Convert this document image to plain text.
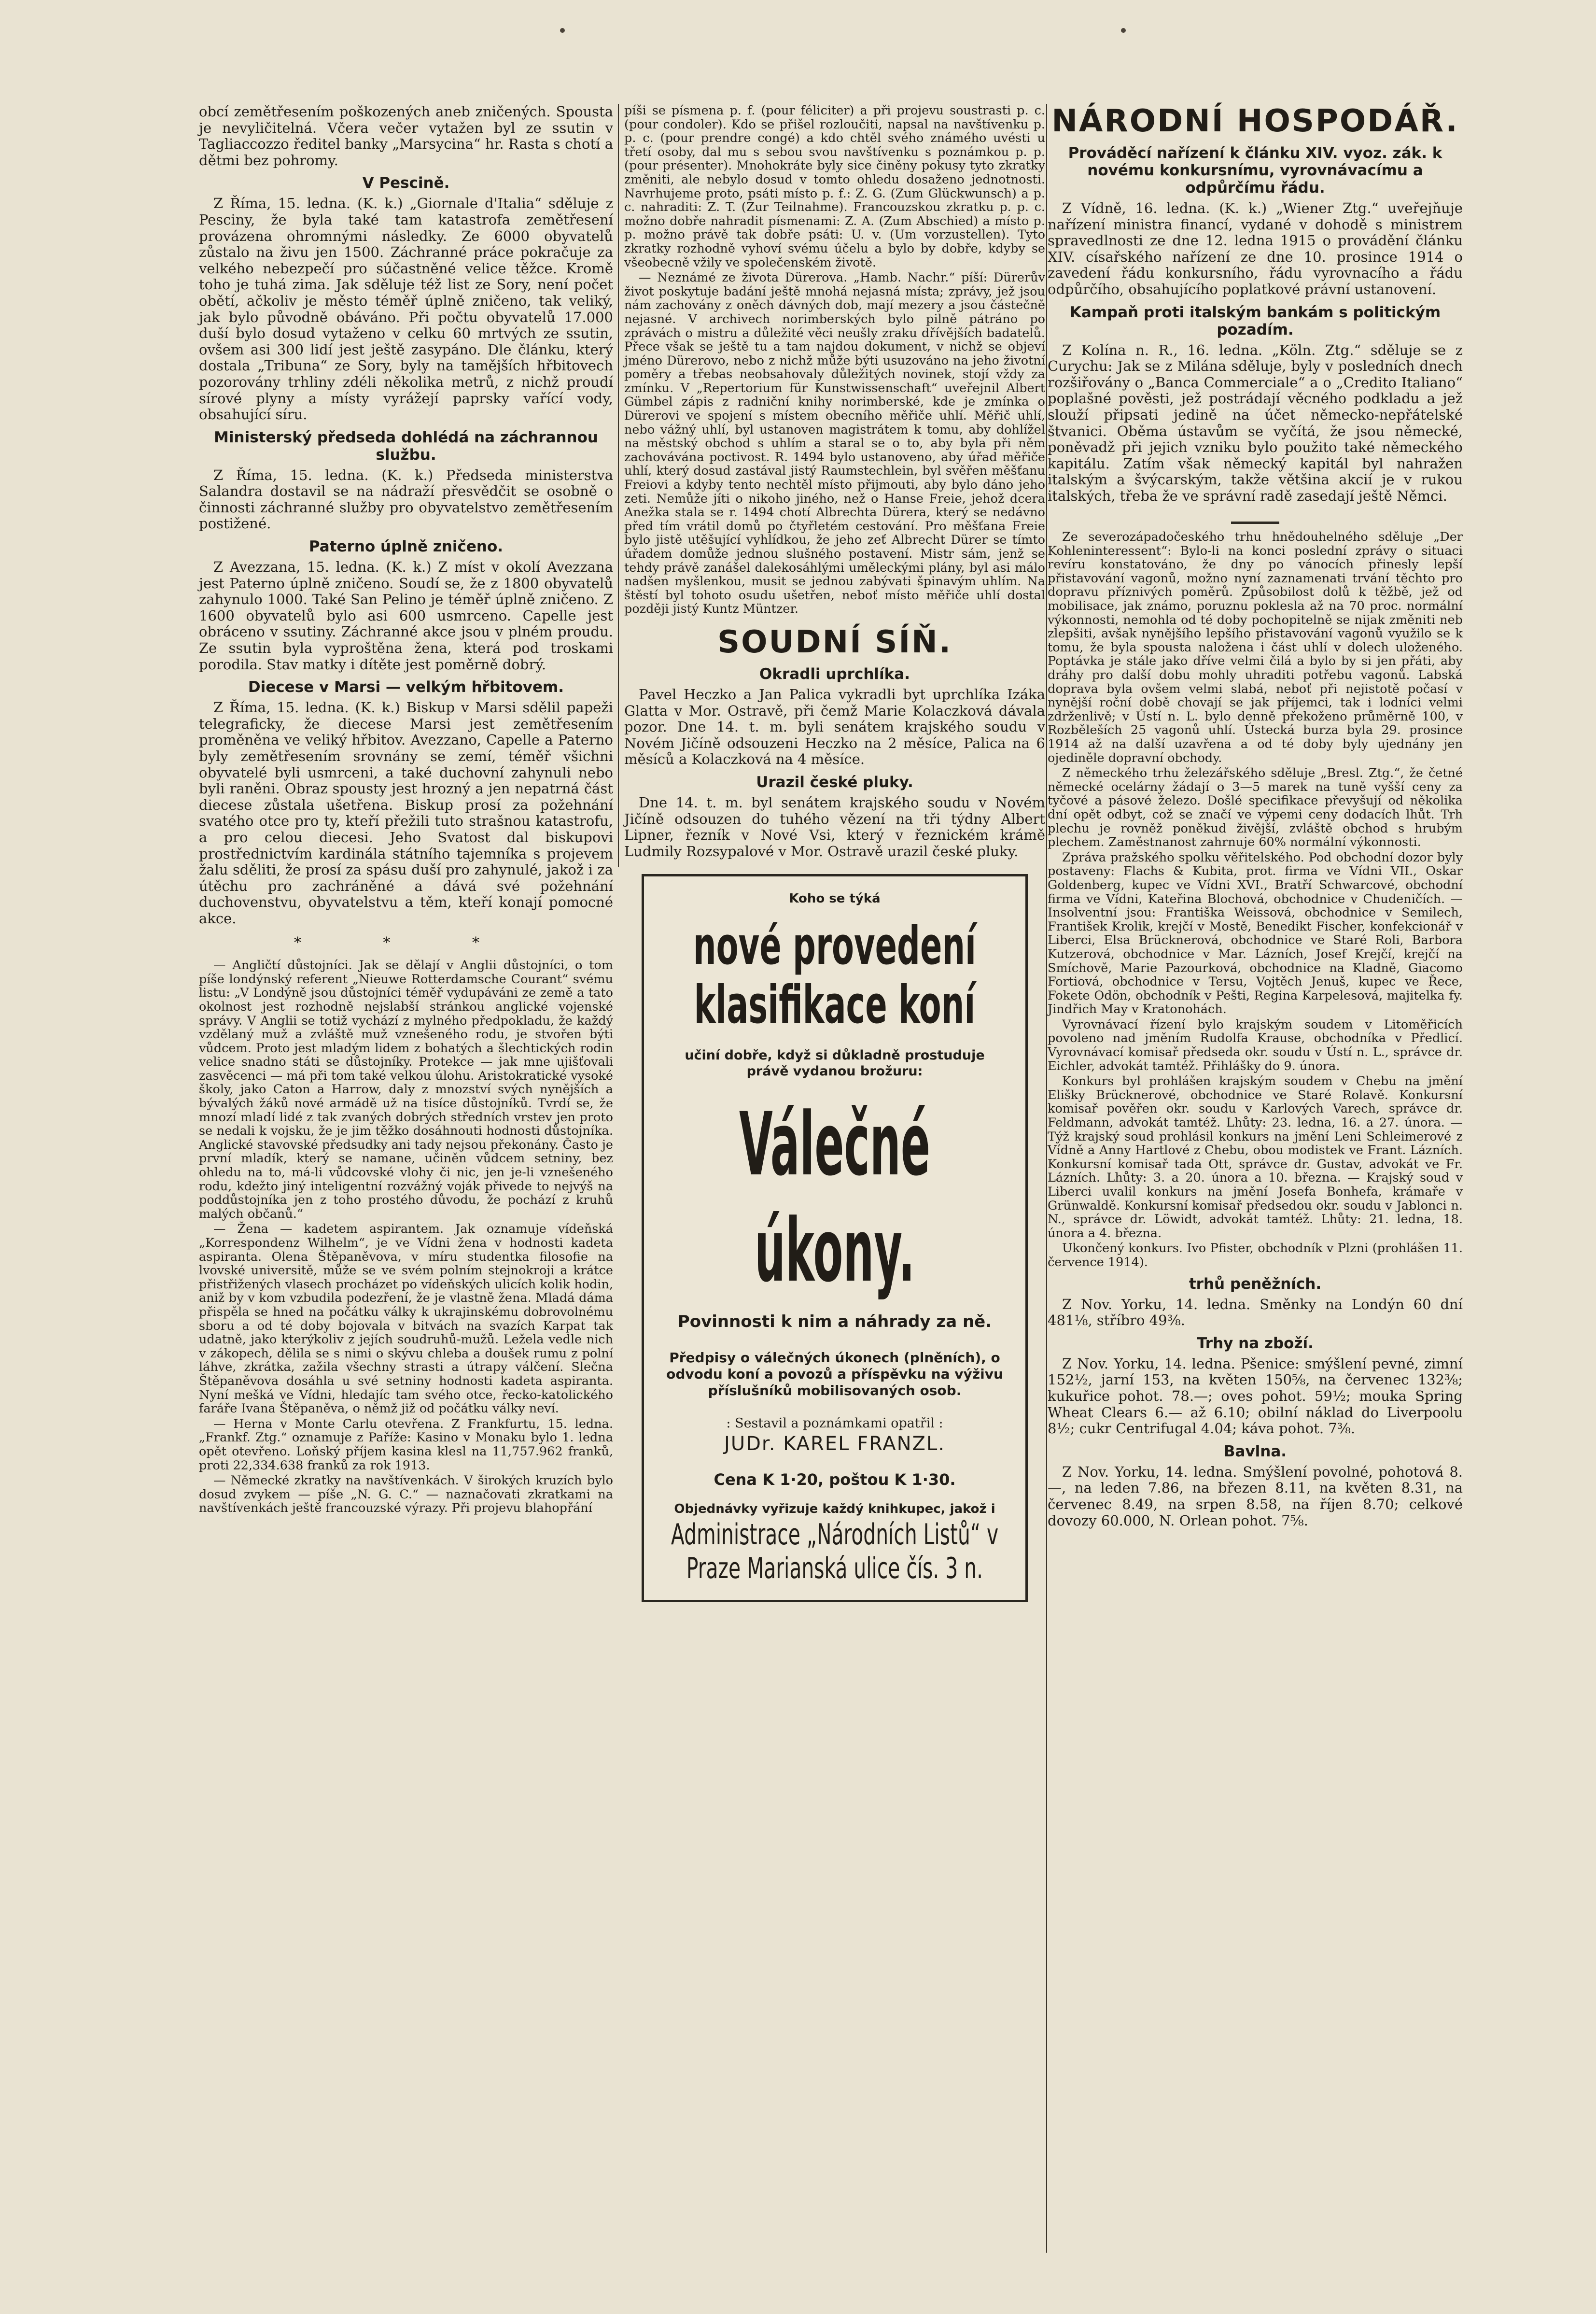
obcí zemětřesením poškozených aneb zničených. Spousta je nevyličitelná. Včera večer vytažen byl ze ssutin v Tagliaccozzo ředitel banky „Marsycina“ hr. Rasta s chotí a dětmi bez pohromy.

V Pescině.

Z Říma, 15. ledna. (K. k.) „Giornale d'Italia“ sděluje z Pesciny, že byla také tam katastrofa zemětřesení provázena ohromnými následky. Ze 6000 obyvatelů zůstalo na živu jen 1500. Záchranné práce pokračuje za velkého nebezpečí pro súčastněné velice těžce. Kromě toho je tuhá zima. Jak sděluje též list ze Sory, není počet obětí, ačkoliv je město téměř úplně zničeno, tak veliký, jak bylo původně obáváno. Při počtu obyvatelů 17.000 duší bylo dosud vytaženo v celku 60 mrtvých ze ssutin, ovšem asi 300 lidí jest ještě zasypáno. Dle článku, který dostala „Tribuna“ ze Sory, byly na tamějších hřbitovech pozorovány trhliny zdéli několika metrů, z nichž proudí sírové plyny a místy vyrážejí paprsky vařící vody, obsahující síru.

Ministerský předseda dohlédá na záchrannou službu.

Z Říma, 15. ledna. (K. k.) Předseda ministerstva Salandra dostavil se na nádraží přesvědčit se osobně o činnosti záchranné služby pro obyvatelstvo zemětřesením postižené.

Paterno úplně zničeno.

Z Avezzana, 15. ledna. (K. k.) Z míst v okolí Avezzana jest Paterno úplně zničeno. Soudí se, že z 1800 obyvatelů zahynulo 1000. Také San Pelino je téměř úplně zničeno. Z 1600 obyvatelů bylo asi 600 usmrceno. Capelle jest obráceno v ssutiny. Záchranné akce jsou v plném proudu. Ze ssutin byla vyproštěna žena, která pod troskami porodila. Stav matky i dítěte jest poměrně dobrý.

Diecese v Marsi — velkým hřbitovem.

Z Říma, 15. ledna. (K. k.) Biskup v Marsi sdělil papeži telegraficky, že diecese Marsi jest zemětřesením proměněna ve veliký hřbitov. Avezzano, Capelle a Paterno byly zemětřesením srovnány se zemí, téměř všichni obyvatelé byli usmrceni, a také duchovní zahynuli nebo byli raněni. Obraz spousty jest hrozný a jen nepatrná část diecese zůstala ušetřena. Biskup prosí za požehnání svatého otce pro ty, kteří přežili tuto strašnou katastrofu, a pro celou diecesi. Jeho Svatost dal biskupovi prostřednictvím kardinála státního tajemníka s projevem žalu sděliti, že prosí za spásu duší pro zahynulé, jakož i za útěchu pro zachráněné a dává své požehnání duchovenstvu, obyvatelstvu a těm, kteří konají pomocné akce.

* * *

— Angličtí důstojníci. Jak se dělají v Anglii důstojníci, o tom píše londýnský referent „Nieuwe Rotterdamsche Courant“ svému listu: „V Londýně jsou důstojníci téměř vydupáváni ze země a tato okolnost jest rozhodně nejslabší stránkou anglické vojenské správy. V Anglii se totiž vychází z mylného předpokladu, že každý vzdělaný muž a zvláště muž vznešeného rodu, je stvořen býti vůdcem. Proto jest mladým lidem z bohatých a šlechtických rodin velice snadno státi se důstojníky. Protekce — jak mne ujišťovali zasvěcenci — má při tom také velkou úlohu. Aristokratické vysoké školy, jako Caton a Harrow, daly z mnozství svých nynějších a bývalých žáků nové armádě už na tisíce důstojníků. Tvrdí se, že mnozí mladí lidé z tak zvaných dobrých středních vrstev jen proto se nedali k vojsku, že je jim těžko dosáhnouti hodnosti důstojníka. Anglické stavovské předsudky ani tady nejsou překonány. Často je první mladík, který se namane, učiněn vůdcem setniny, bez ohledu na to, má-li vůdcovské vlohy či nic, jen je-li vznešeného rodu, kdežto jiný inteligentní rozvážný voják přivede to nejvýš na poddůstojníka jen z toho prostého důvodu, že pochází z kruhů malých občanů.“

— Žena — kadetem aspirantem. Jak oznamuje vídeňská „Korrespondenz Wilhelm“, je ve Vídni žena v hodnosti kadeta aspiranta. Olena Štěpaněvova, v míru studentka filosofie na lvovské universitě, může se ve svém polním stejnokroji a krátce přistřižených vlasech procházet po vídeňských ulicích kolik hodin, aniž by v kom vzbudila podezření, že je vlastně žena. Mladá dáma přispěla se hned na počátku války k ukrajinskému dobrovolnému sboru a od té doby bojovala v bitvách na svazích Karpat tak udatně, jako kterýkoliv z jejích soudruhů-mužů. Ležela vedle nich v zákopech, dělila se s nimi o skývu chleba a doušek rumu z polní láhve, zkrátka, zažila všechny strasti a útrapy válčení. Slečna Štěpaněvova dosáhla u své setniny hodnosti kadeta aspiranta. Nyní mešká ve Vídni, hledajíc tam svého otce, řecko-katolického faráře Ivana Štěpaněva, o němž již od počátku války neví.

— Herna v Monte Carlu otevřena. Z Frankfurtu, 15. ledna. „Frankf. Ztg.“ oznamuje z Paříže: Kasino v Monaku bylo 1. ledna opět otevřeno. Loňský příjem kasina klesl na 11,757.962 franků, proti 22,334.638 franků za rok 1913.

— Německé zkratky na navštívenkách. V širokých kruzích bylo dosud zvykem — píše „N. G. C.“ — naznačovati zkratkami na navštívenkách ještě francouzské výrazy. Při projevu blahopřání

píši se písmena p. f. (pour féliciter) a při projevu soustrasti p. c. (pour condoler). Kdo se přišel rozloučiti, napsal na navštívenku p. p. c. (pour prendre congé) a kdo chtěl svého známého uvésti u třetí osoby, dal mu s sebou svou navštívenku s poznámkou p. p. (pour présenter). Mnohokráte byly sice činěny pokusy tyto zkratky změniti, ale nebylo dosud v tomto ohledu dosaženo jednotnosti. Navrhujeme proto, psáti místo p. f.: Z. G. (Zum Glückwunsch) a p. c. nahraditi: Z. T. (Zur Teilnahme). Francouzskou zkratku p. p. c. možno dobře nahradit písmenami: Z. A. (Zum Abschied) a místo p. p. možno právě tak dobře psáti: U. v. (Um vorzustellen). Tyto zkratky rozhodně vyhoví svému účelu a bylo by dobře, kdyby se všeobecně vžily ve společenském životě.

— Neznámé ze života Dürerova. „Hamb. Nachr.“ píší: Dürerův život poskytuje badání ještě mnohá nejasná místa; zprávy, jež jsou nám zachovány z oněch dávných dob, mají mezery a jsou částečně nejasné. V archivech norimberských bylo pilně pátráno po zprávách o mistru a důležité věci neušly zraku dřívějších badatelů. Přece však se ještě tu a tam najdou dokument, v nichž se objeví jméno Dürerovo, nebo z nichž může býti usuzováno na jeho životní poměry a třebas neobsahovaly důležitých novinek, stojí vždy za zmínku. V „Repertorium für Kunstwissenschaft“ uveřejnil Albert Gümbel zápis z radniční knihy norimberské, kde je zmínka o Dürerovi ve spojení s místem obecního měřiče uhlí. Měřič uhlí, nebo vážný uhlí, byl ustanoven magistrátem k tomu, aby dohlížel na městský obchod s uhlím a staral se o to, aby byla při něm zachovávána poctivost. R. 1494 bylo ustanoveno, aby úřad měřiče uhlí, který dosud zastával jistý Raumstechlein, byl svěřen měšťanu Freiovi a kdyby tento nechtěl místo přijmouti, aby bylo dáno jeho zeti. Nemůže jíti o nikoho jiného, než o Hanse Freie, jehož dcera Anežka stala se r. 1494 chotí Albrechta Dürera, který se nedávno před tím vrátil domů po čtyřletém cestování. Pro měšťana Freie bylo jistě utěšující vyhlídkou, že jeho zeť Albrecht Dürer se tímto úřadem domůže jednou slušného postavení. Mistr sám, jenž se tehdy právě zanášel dalekosáhlými uměleckými plány, byl asi málo nadšen myšlenkou, musit se jednou zabývati špinavým uhlím. Na štěstí byl tohoto osudu ušetřen, neboť místo měřiče uhlí dostal později jistý Kuntz Müntzer.

SOUDNÍ SÍŇ.
Okradli uprchlíka.

Pavel Heczko a Jan Palica vykradli byt uprchlíka Izáka Glatta v Mor. Ostravě, při čemž Marie Kolaczková dávala pozor. Dne 14. t. m. byli senátem krajského soudu v Novém Jičíně odsouzeni Heczko na 2 měsíce, Palica na 6 měsíců a Kolaczková na 4 měsíce.

Urazil české pluky.

Dne 14. t. m. byl senátem krajského soudu v Novém Jičíně odsouzen do tuhého vězení na tři týdny Albert Lipner, řezník v Nové Vsi, který v řeznickém krámě Ludmily Rozsypalové v Mor. Ostravě urazil české pluky.

Koho se týká
nové provedení klasifikace koní
učiní dobře, když si důkladně prostuduje právě vydanou brožuru:
Válečné úkony.
Povinnosti k nim a náhrady za ně.
Předpisy o válečných úkonech (plněních), o odvodu koní a povozů a příspěvku na výživu příslušníků mobilisovaných osob.
: Sestavil a poznámkami opatřil :
JUDr. KAREL FRANZL.
Cena K 1·20, poštou K 1·30.
Objednávky vyřizuje každý knihkupec, jakož i
Administrace „Národních Listů“ v Praze Marianská ulice čís. 3 n.
NÁRODNÍ HOSPODÁŘ.
Prováděcí nařízení k článku XIV. vyoz. zák. k novému konkursnímu, vyrovnávacímu a odpůrčímu řádu.

Z Vídně, 16. ledna. (K. k.) „Wiener Ztg.“ uveřejňuje nařízení ministra financí, vydané v dohodě s ministrem spravedlnosti ze dne 12. ledna 1915 o provádění článku XIV. císařského nařízení ze dne 10. prosince 1914 o zavedení řádu konkursního, řádu vyrovnacího a řádu odpůrčího, obsahujícího poplatkové právní ustanovení.

Kampaň proti italským bankám s politickým pozadím.

Z Kolína n. R., 16. ledna. „Köln. Ztg.“ sděluje se z Curychu: Jak se z Milána sděluje, byly v posledních dnech rozšiřovány o „Banca Commerciale“ a o „Credito Italiano“ poplašné pověsti, jež postrádají věcného podkladu a jež slouží připsati jedině na účet německo-nepřátelské štvanici. Oběma ústavům se vyčítá, že jsou německé, poněvadž při jejich vzniku bylo použito také německého kapitálu. Zatím však německý kapitál byl nahražen italským a švýcarským, takže většina akcií je v rukou italských, třeba že ve správní radě zasedají ještě Němci.

Ze severozápadočeského trhu hnědouhelného sděluje „Der Kohleninteressent“: Bylo-li na konci poslední zprávy o situaci revíru konstatováno, že dny po vánocích přinesly lepší přistavování vagonů, možno nyní zaznamenati trvání těchto pro dopravu příznivých poměrů. Způsobilost dolů k těžbě, jež od mobilisace, jak známo, poruznu poklesla až na 70 proc. normální výkonnosti, nemohla od té doby pochopitelně se nijak změniti neb zlepšiti, avšak nynějšího lepšího přistavování vagonů využilo se k tomu, že byla spousta naložena i část uhlí v dolech uloženého. Poptávka je stále jako dříve velmi čilá a bylo by si jen přáti, aby dráhy pro další dobu mohly uhraditi potřebu vagonů. Labská doprava byla ovšem velmi slabá, neboť při nejistotě počasí v nynější roční době chovají se jak příjemci, tak i lodníci velmi zdrženlivě; v Ústí n. L. bylo denně překoženo průměrně 100, v Rozběleších 25 vagonů uhlí. Ústecká burza byla 29. prosince 1914 až na další uzavřena a od té doby byly ujednány jen ojediněle dopravní obchody.

Z německého trhu železářského sděluje „Bresl. Ztg.“, že četné německé ocelárny žádají o 3—5 marek na tuně vyšší ceny za tyčové a pásové železo. Došlé specifikace převyšují od několika dní opět odbyt, což se značí ve výpemi ceny dodacích lhůt. Trh plechu je rovněž poněkud živější, zvláště obchod s hrubým plechem. Zaměstnanost zahrnuje 60% normální výkonnosti.

Zpráva pražského spolku věřitelského. Pod obchodní dozor byly postaveny: Flachs & Kubita, prot. firma ve Vídni VII., Oskar Goldenberg, kupec ve Vídni XVI., Bratří Schwarcové, obchodní firma ve Vídni, Kateřina Blochová, obchodnice v Chudeničích. — Insolventní jsou: Františka Weissová, obchodnice v Semilech, František Krolik, krejčí v Mostě, Benedikt Fischer, konfekcionář v Liberci, Elsa Brücknerová, obchodnice ve Staré Roli, Barbora Kutzerová, obchodnice v Mar. Lázních, Josef Krejčí, krejčí na Smíchově, Marie Pazourková, obchodnice na Kladně, Giacomo Fortiová, obchodnice v Tersu, Vojtěch Jenuš, kupec ve Řece, Fokete Odön, obchodník v Pešti, Regina Karpelesová, majitelka fy. Jindřich May v Kratonohách.

Vyrovnávací řízení bylo krajským soudem v Litoměřicích povoleno nad jměním Rudolfa Krause, obchodníka v Předlicí. Vyrovnávací komisař předseda okr. soudu v Ústí n. L., správce dr. Eichler, advokát tamtéž. Přihlášky do 9. února.

Konkurs byl prohlášen krajským soudem v Chebu na jmění Elišky Brücknerové, obchodnice ve Staré Rolavě. Konkursní komisař pověřen okr. soudu v Karlových Varech, správce dr. Feldmann, advokát tamtéž. Lhůty: 23. ledna, 16. a 27. února. — Týž krajský soud prohlásil konkurs na jmění Leni Schleimerové z Vídně a Anny Hartlové z Chebu, obou modistek ve Frant. Lázních. Konkursní komisař tada Ott, správce dr. Gustav, advokát ve Fr. Lázních. Lhůty: 3. a 20. února a 10. března. — Krajský soud v Liberci uvalil konkurs na jmění Josefa Bonhefa, krámaře v Grünwaldě. Konkursní komisař předsedou okr. soudu v Jablonci n. N., správce dr. Löwidt, advokát tamtéž. Lhůty: 21. ledna, 18. února a 4. března.

Ukončený konkurs. Ivo Pfister, obchodník v Plzni (prohlášen 11. července 1914).

trhů peněžních.

Z Nov. Yorku, 14. ledna. Směnky na Londýn 60 dní 481⅛, stříbro 49⅜.

Trhy na zboží.

Z Nov. Yorku, 14. ledna. Pšenice: smýšlení pevné, zimní 152½, jarní 153, na květen 150⅝, na červenec 132⅜; kukuřice pohot. 78.—; oves pohot. 59½; mouka Spring Wheat Clears 6.— až 6.10; obilní náklad do Liverpoolu 8½; cukr Centrifugal 4.04; káva pohot. 7⅜.

Bavlna.

Z Nov. Yorku, 14. ledna. Smýšlení povolné, pohotová 8.—, na leden 7.86, na březen 8.11, na květen 8.31, na červenec 8.49, na srpen 8.58, na říjen 8.70; celkové dovozy 60.000, N. Orlean pohot. 7⅝.
